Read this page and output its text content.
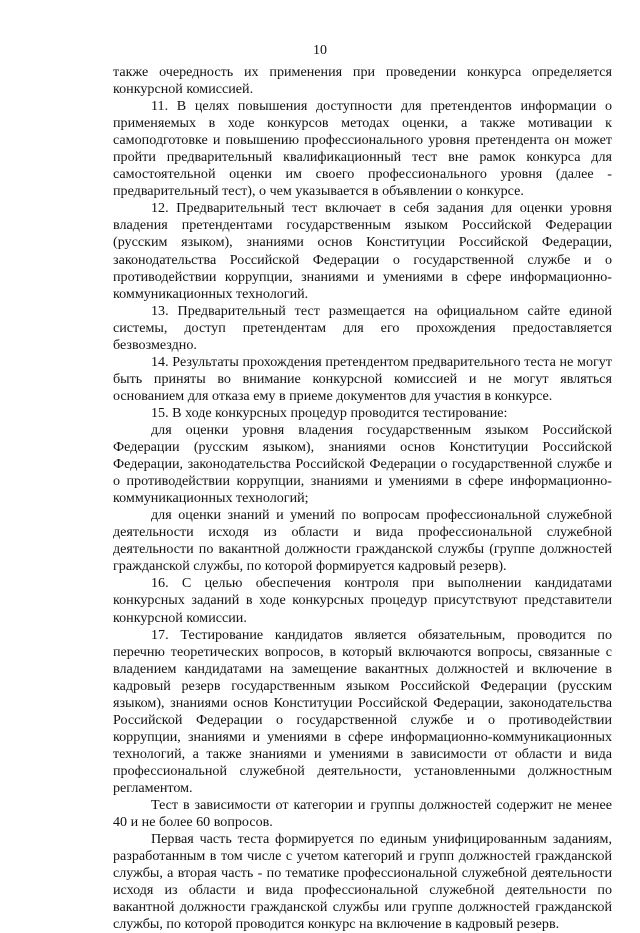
10

также очередность их применения при проведении конкурса определяется конкурсной комиссией.

11. В целях повышения доступности для претендентов информации о применяемых в ходе конкурсов методах оценки, а также мотивации к самоподготовке и повышению профессионального уровня претендента он может пройти предварительный квалификационный тест вне рамок конкурса для самостоятельной оценки им своего профессионального уровня (далее - предварительный тест), о чем указывается в объявлении о конкурсе.

12. Предварительный тест включает в себя задания для оценки уровня владения претендентами государственным языком Российской Федерации (русским языком), знаниями основ Конституции Российской Федерации, законодательства Российской Федерации о государственной службе и о противодействии коррупции, знаниями и умениями в сфере информационно-коммуникационных технологий.

13. Предварительный тест размещается на официальном сайте единой системы, доступ претендентам для его прохождения предоставляется безвозмездно.

14. Результаты прохождения претендентом предварительного теста не могут быть приняты во внимание конкурсной комиссией и не могут являться основанием для отказа ему в приеме документов для участия в конкурсе.

15. В ходе конкурсных процедур проводится тестирование:

для оценки уровня владения государственным языком Российской Федерации (русским языком), знаниями основ Конституции Российской Федерации, законодательства Российской Федерации о государственной службе и о противодействии коррупции, знаниями и умениями в сфере информационно-коммуникационных технологий;

для оценки знаний и умений по вопросам профессиональной служебной деятельности исходя из области и вида профессиональной служебной деятельности по вакантной должности гражданской службы (группе должностей гражданской службы, по которой формируется кадровый резерв).

16. С целью обеспечения контроля при выполнении кандидатами конкурсных заданий в ходе конкурсных процедур присутствуют представители конкурсной комиссии.

17. Тестирование кандидатов является обязательным, проводится по перечню теоретических вопросов, в который включаются вопросы, связанные с владением кандидатами на замещение вакантных должностей и включение в кадровый резерв государственным языком Российской Федерации (русским языком), знаниями основ Конституции Российской Федерации, законодательства Российской Федерации о государственной службе и о противодействии коррупции, знаниями и умениями в сфере информационно-коммуникационных технологий, а также знаниями и умениями в зависимости от области и вида профессиональной служебной деятельности, установленными должностным регламентом.

Тест в зависимости от категории и группы должностей содержит не менее 40 и не более 60 вопросов.

Первая часть теста формируется по единым унифицированным заданиям, разработанным в том числе с учетом категорий и групп должностей гражданской службы, а вторая часть - по тематике профессиональной служебной деятельности исходя из области и вида профессиональной служебной деятельности по вакантной должности гражданской службы или группе должностей гражданской службы, по которой проводится конкурс на включение в кадровый резерв.
